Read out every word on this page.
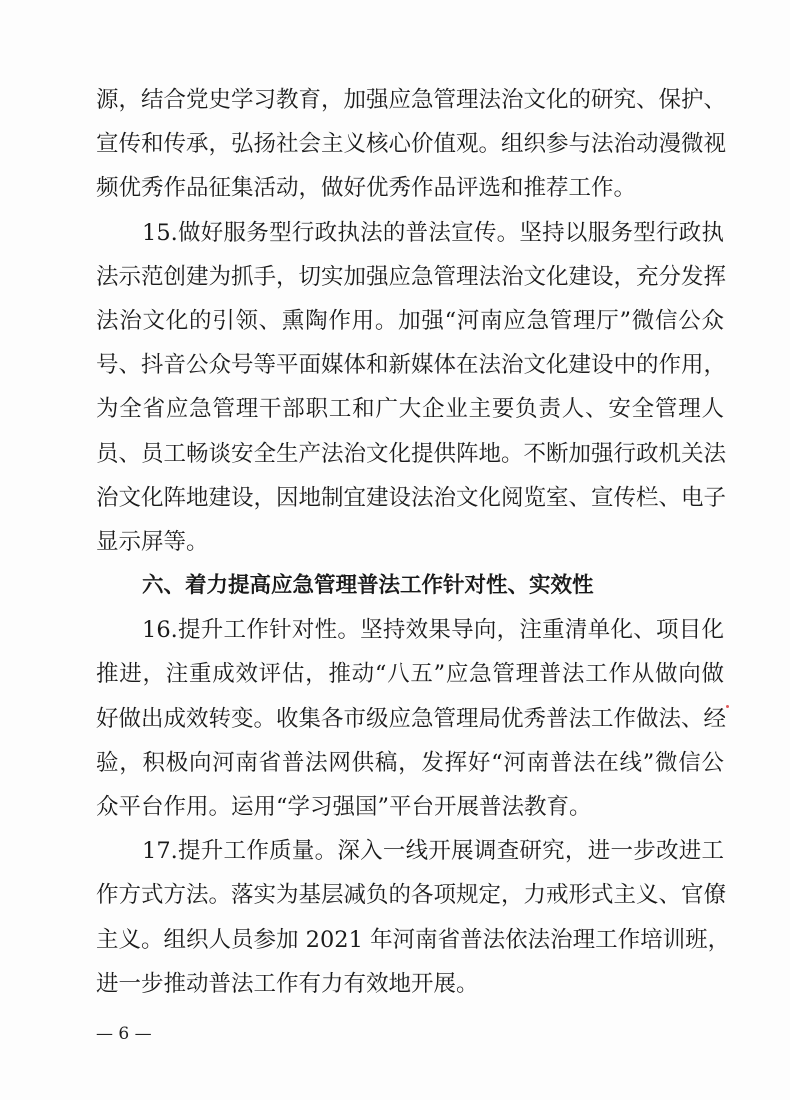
源，结合党史学习教育，加强应急管理法治文化的研究、保护、
宣传和传承，弘扬社会主义核心价值观。组织参与法治动漫微视
频优秀作品征集活动，做好优秀作品评选和推荐工作。
15.做好服务型行政执法的普法宣传。坚持以服务型行政执
法示范创建为抓手，切实加强应急管理法治文化建设，充分发挥
法治文化的引领、熏陶作用。加强“河南应急管理厅”微信公众
号、抖音公众号等平面媒体和新媒体在法治文化建设中的作用，
为全省应急管理干部职工和广大企业主要负责人、安全管理人
员、员工畅谈安全生产法治文化提供阵地。不断加强行政机关法
治文化阵地建设，因地制宜建设法治文化阅览室、宣传栏、电子
显示屏等。
六、着力提高应急管理普法工作针对性、实效性
16.提升工作针对性。坚持效果导向，注重清单化、项目化
推进，注重成效评估，推动“八五”应急管理普法工作从做向做
好做出成效转变。收集各市级应急管理局优秀普法工作做法、经
验，积极向河南省普法网供稿，发挥好“河南普法在线”微信公
众平台作用。运用“学习强国”平台开展普法教育。
17.提升工作质量。深入一线开展调查研究，进一步改进工
作方式方法。落实为基层减负的各项规定，力戒形式主义、官僚
主义。组织人员参加 2021 年河南省普法依法治理工作培训班，
进一步推动普法工作有力有效地开展。
— 6 —
